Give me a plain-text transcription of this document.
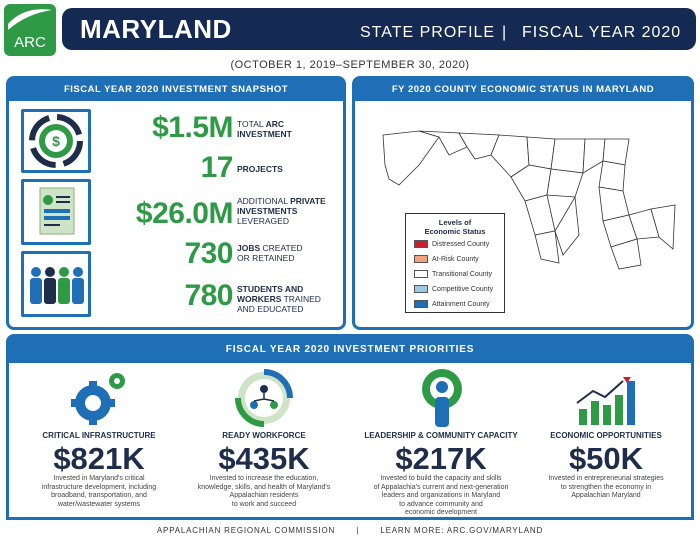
ARC MARYLAND	STATE PROFILE | FISCAL YEAR 2020
(OCTOBER 1, 2019–SEPTEMBER 30, 2020)
FISCAL YEAR 2020 INVESTMENT SNAPSHOT
$	$1.5M TOTAL ARC
INVESTMENT
17 PROJECTS
$26.0M ADDITIONAL PRIVATE
INVESTMENTS
LEVERAGED
730 JOBS CREATED
OR RETAINED
780 STUDENTS AND
WORKERS TRAINED
AND EDUCATED
FY 2020 COUNTY ECONOMIC STATUS IN MARYLAND
Levels of
Economic Status
Distressed County
At-Risk County
Transitional County
Competitive County
Attainment County
FISCAL YEAR 2020 INVESTMENT PRIORITIES
CRITICAL INFRASTRUCTURE
$821K
Invested in Maryland's critical
infrastructure development, including
broadband, transportation, and
water/wastewater systems
READY WORKFORCE
$435K
Invested to increase the education,
knowledge, skills, and health of Maryland's
Appalachian residents
to work and succeed
LEADERSHIP & COMMUNITY CAPACITY
$217K
Invested to build the capacity and skills
of Appalachia's current and next-generation
leaders and organizations in Maryland
to advance community and
economic development
ECONOMIC OPPORTUNITIES
$50K
Invested in entrepreneurial strategies
to strengthen the economy in
Appalachian Maryland
APPALACHIAN REGIONAL COMMISSION	|	LEARN MORE: ARC.GOV/MARYLAND
